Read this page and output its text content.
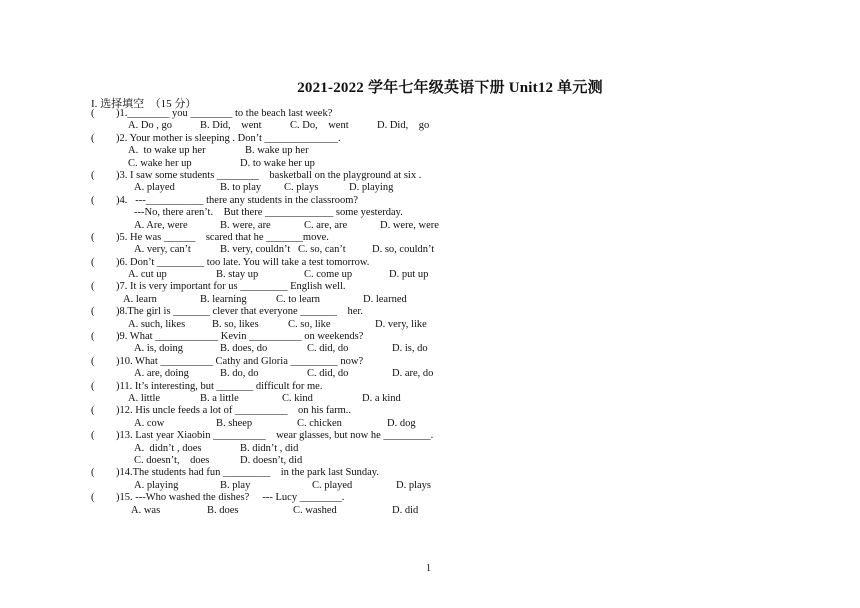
2021-2022 学年七年级英语下册 Unit12 单元测
I. 选择填空　（15 分）
( )1.________ you ________ to the beach last week?
A. Do , go	B. Did,    went	C. Do,    went	D. Did,    go
( )2. Your mother is sleeping . Don’t ______________.
A.  to wake up her	B. wake up her
C. wake her up	D. to wake her up
( )3. I saw some students ________    basketball on the playground at six .
A. played	B. to play C. plays	D. playing
( )4.   ---___________ there any students in the classroom?
---No, there aren’t.    But there _____________ some yesterday.
A. Are, were	B. were, are	C. are, are	D. were, were
( )5. He was ______    scared that he _______move.
A. very, can’t	B. very, couldn’t C. so, can’t	D. so, couldn’t
( )6. Don’t _________ too late. You will take a test tomorrow.
A. cut up	B. stay up	C. come up	D. put up
( )7. It is very important for us _________ English well.
A. learn	B. learning	C. to learn	D. learned
( )8.The girl is _______ clever that everyone _______    her.
A. such, likes	B. so, likes	C. so, like	D. very, like
( )9. What ____________ Kevin __________ on weekends?
A. is, doing	B. does, do	C. did, do	D. is, do
( )10. What __________ Cathy and Gloria _________ now?
A. are, doing	B. do, do	C. did, do	D. are, do
( )11. It’s interesting, but _______ difficult for me.
A. little	B. a little	C. kind	D. a kind
( )12. His uncle feeds a lot of __________    on his farm..
A. cow	B. sheep	C. chicken	D. dog
( )13. Last year Xiaobin __________    wear glasses, but now he _________.
A.  didn’t , does	B. didn’t , did
C. doesn’t,    does	D. doesn’t, did
( )14.The students had fun _________    in the park last Sunday.
A. playing	B. play	C. played	D. plays
( )15. ---Who washed the dishes?     --- Lucy ________.
A. was	B. does	C. washed	D. did
1
